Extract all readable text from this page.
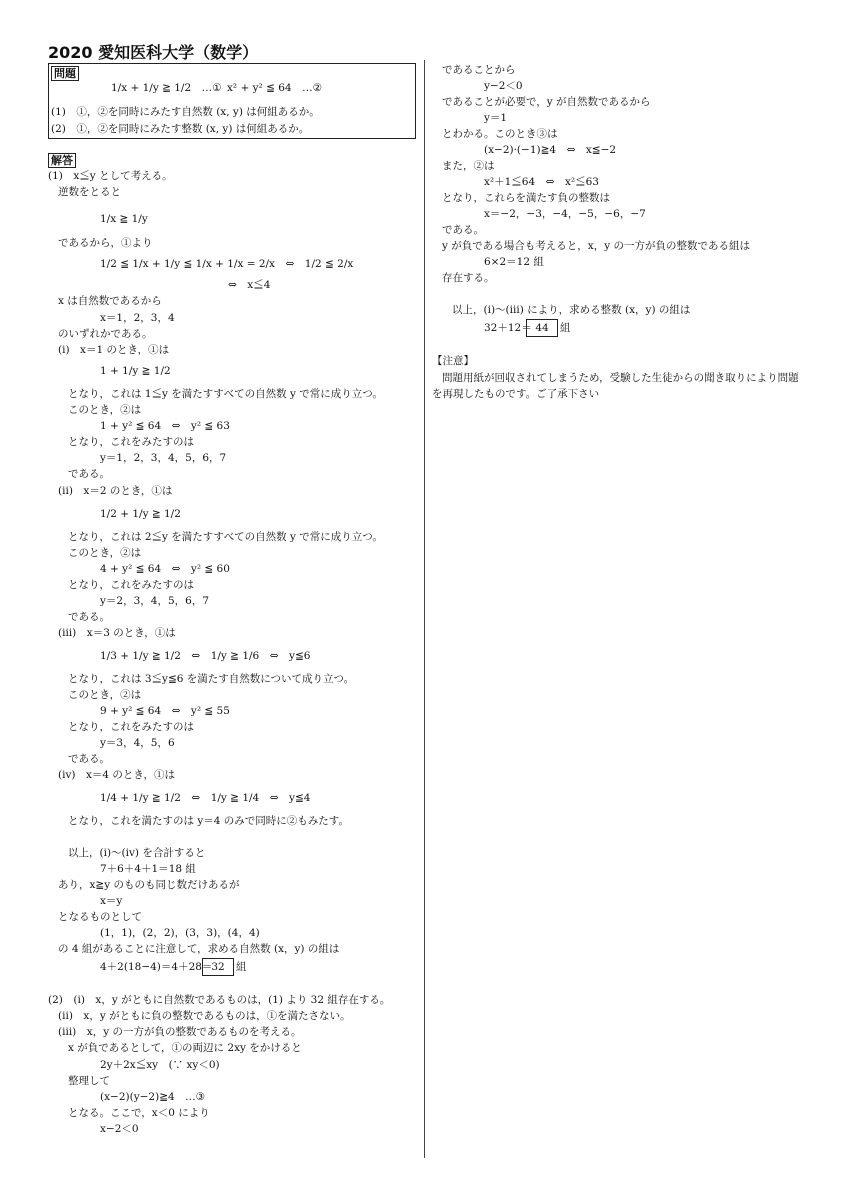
2020 愛知医科大学（数学）
問題
1/x + 1/y ≧ 1/2　…① x² + y² ≦ 64　…②
(1)　①，②を同時にみたす自然数 (x, y) は何組あるか。
(2)　①，②を同時にみたす整数 (x, y) は何組あるか。
解答
(1)　x≦y として考える。
逆数をとると
1/x ≧ 1/y
であるから，①より
1/2 ≦ 1/x + 1/y ≦ 1/x + 1/x = 2/x　⇔　1/2 ≦ 2/x
⇔　x≦4
x は自然数であるから
x＝1，2，3，4
のいずれかである。
(ⅰ)　x＝1 のとき，①は
1 + 1/y ≧ 1/2
となり，これは 1≦y を満たすすべての自然数 y で常に成り立つ。
このとき，②は
1 + y² ≦ 64　⇔　y² ≦ 63
となり，これをみたすのは
y＝1，2，3，4，5，6，7
である。
(ⅱ)　x＝2 のとき，①は
1/2 + 1/y ≧ 1/2
となり，これは 2≦y を満たすすべての自然数 y で常に成り立つ。
このとき，②は
4 + y² ≦ 64　⇔　y² ≦ 60
となり，これをみたすのは
y＝2，3，4，5，6，7
である。
(ⅲ)　x＝3 のとき，①は
1/3 + 1/y ≧ 1/2　⇔　1/y ≧ 1/6　⇔　y≦6
となり，これは 3≦y≦6 を満たす自然数について成り立つ。
このとき，②は
9 + y² ≦ 64　⇔　y² ≦ 55
となり，これをみたすのは
y＝3，4，5，6
である。
(ⅳ)　x＝4 のとき，①は
1/4 + 1/y ≧ 1/2　⇔　1/y ≧ 1/4　⇔　y≦4
となり，これを満たすのは y＝4 のみで同時に②もみたす。
以上，(ⅰ)〜(ⅳ) を合計すると
7＋6＋4＋1＝18 組
あり，x≧y のものも同じ数だけあるが
x＝y
となるものとして
(1，1)，(2，2)，(3，3)，(4，4)
の 4 組があることに注意して，求める自然数 (x，y) の組は
4＋2(18−4)＝4＋28＝
32	組
(2)　(ⅰ)　x，y がともに自然数であるものは，(1) より 32 組存在する。
(ⅱ)　x，y がともに負の整数であるものは，①を満たさない。
(ⅲ)　x，y の一方が負の整数であるものを考える。
x が負であるとして，①の両辺に 2xy をかけると
2y＋2x≦xy　(∵ xy＜0)
整理して
(x−2)(y−2)≧4　…③
となる。ここで，x＜0 により
x−2＜0
であることから
y−2＜0
であることが必要で，y が自然数であるから
y＝1
とわかる。このとき③は
(x−2)·(−1)≧4　⇔　x≦−2
また，②は
x²＋1≦64　⇔　x²≦63
となり，これらを満たす負の整数は
x＝−2，−3，−4，−5，−6，−7
である。
y が負である場合も考えると，x，y の一方が負の整数である組は
6×2＝12 組
存在する。
以上，(ⅰ)〜(ⅲ) により，求める整数 (x，y) の組は
32＋12＝ 44	組
【注意】
問題用紙が回収されてしまうため，受験した生徒からの聞き取りにより問題
を再現したものです。ご了承下さい
